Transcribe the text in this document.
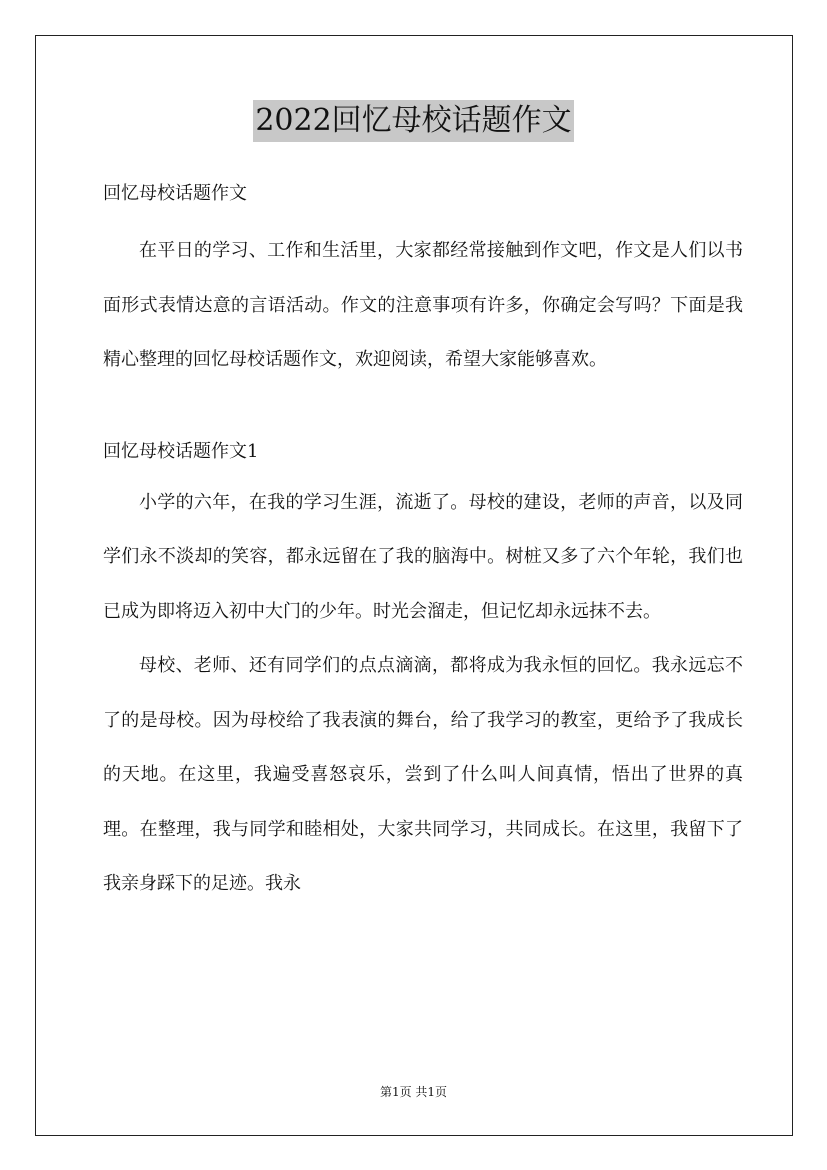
2022回忆母校话题作文

回忆母校话题作文

在平日的学习、工作和生活里，大家都经常接触到作文吧，作文是人们以书面形式表情达意的言语活动。作文的注意事项有许多，你确定会写吗？下面是我精心整理的回忆母校话题作文，欢迎阅读，希望大家能够喜欢。

回忆母校话题作文1

小学的六年，在我的学习生涯，流逝了。母校的建设，老师的声音，以及同学们永不淡却的笑容，都永远留在了我的脑海中。树桩又多了六个年轮，我们也已成为即将迈入初中大门的少年。时光会溜走，但记忆却永远抹不去。

母校、老师、还有同学们的点点滴滴，都将成为我永恒的回忆。我永远忘不了的是母校。因为母校给了我表演的舞台，给了我学习的教室，更给予了我成长的天地。在这里，我遍受喜怒哀乐，尝到了什么叫人间真情，悟出了世界的真理。在整理，我与同学和睦相处，大家共同学习，共同成长。在这里，我留下了我亲身踩下的足迹。我永

第1页 共1页
